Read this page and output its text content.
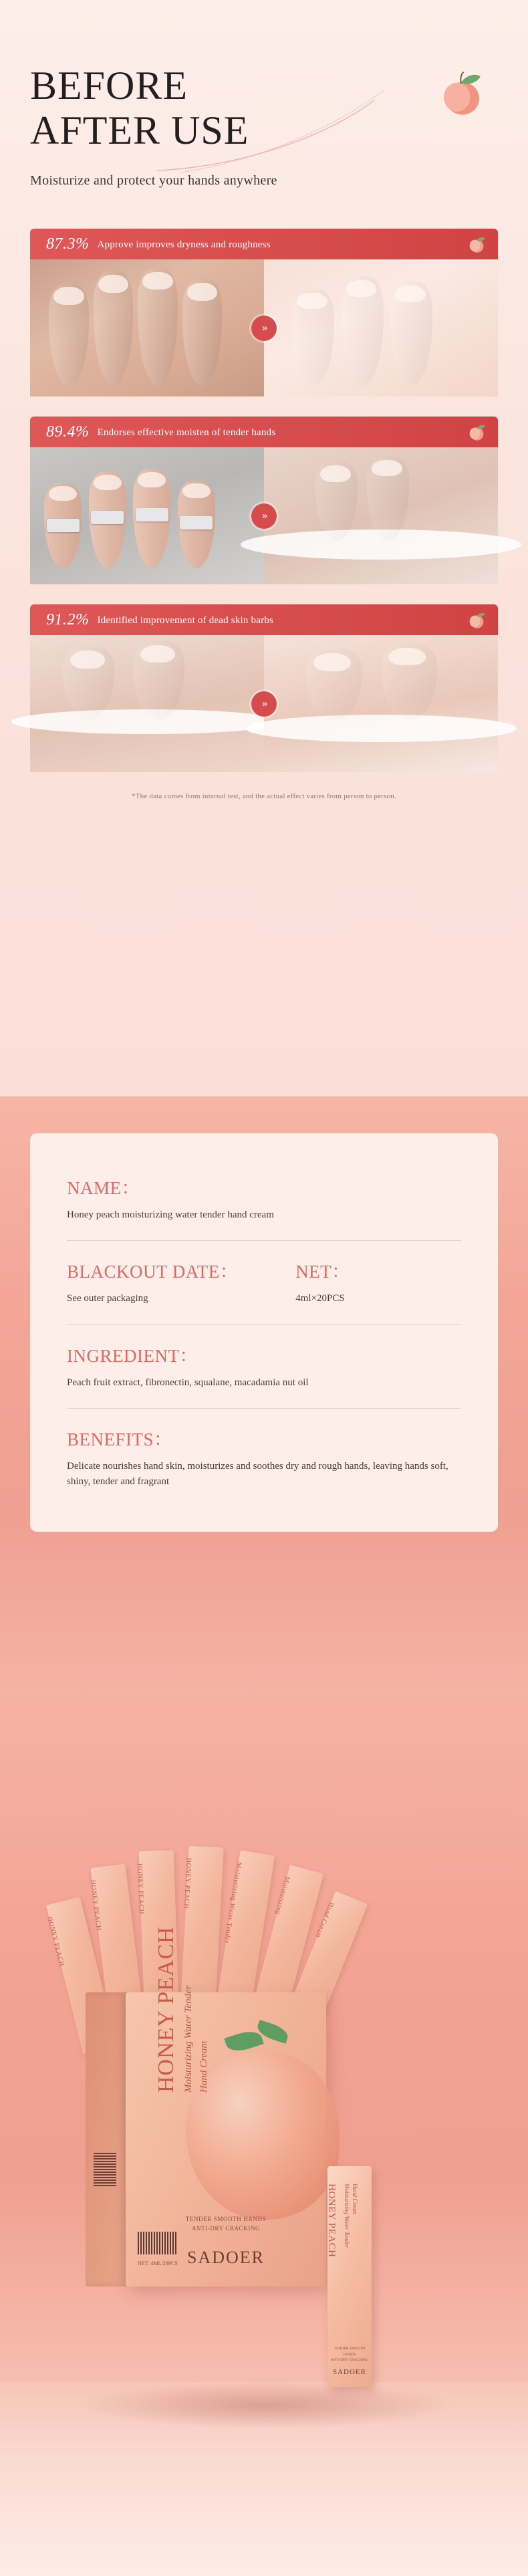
BEFORE
AFTER USE
Moisturize and protect your hands anywhere
87.3% Approve improves dryness and roughness
»
89.4% Endorses effective moisten of tender hands
»
91.2% Identified improvement of dead skin barbs
»
*The data comes from internal test, and the actual effect varies from person to person.
NAME：
Honey peach moisturizing water tender hand cream
BLACKOUT DATE：
See outer packaging
NET：
4ml×20PCS
INGREDIENT：
Peach fruit extract, fibronectin, squalane, macadamia nut oil
BENEFITS：
Delicate nourishes hand skin, moisturizes and soothes dry and rough hands, leaving hands soft, shiny, tender and fragrant
HONEY PEACH
HONEY PEACH	HONEY PEACH	HONEY PEACH	Moisturizing Water Tender	Moisturizing
Hand Cream
HONEY PEACH Moisturizing Water Tender Hand Cream
TENDER SMOOTH HANDS
ANTI-DRY CRACKING
SADOER
NET: 4ML/20PCS
HONEY PEACH Moisturizing Water Tender Hand Cream
TENDER SMOOTH HANDS
ANTI-DRY CRACKING
SADOER
